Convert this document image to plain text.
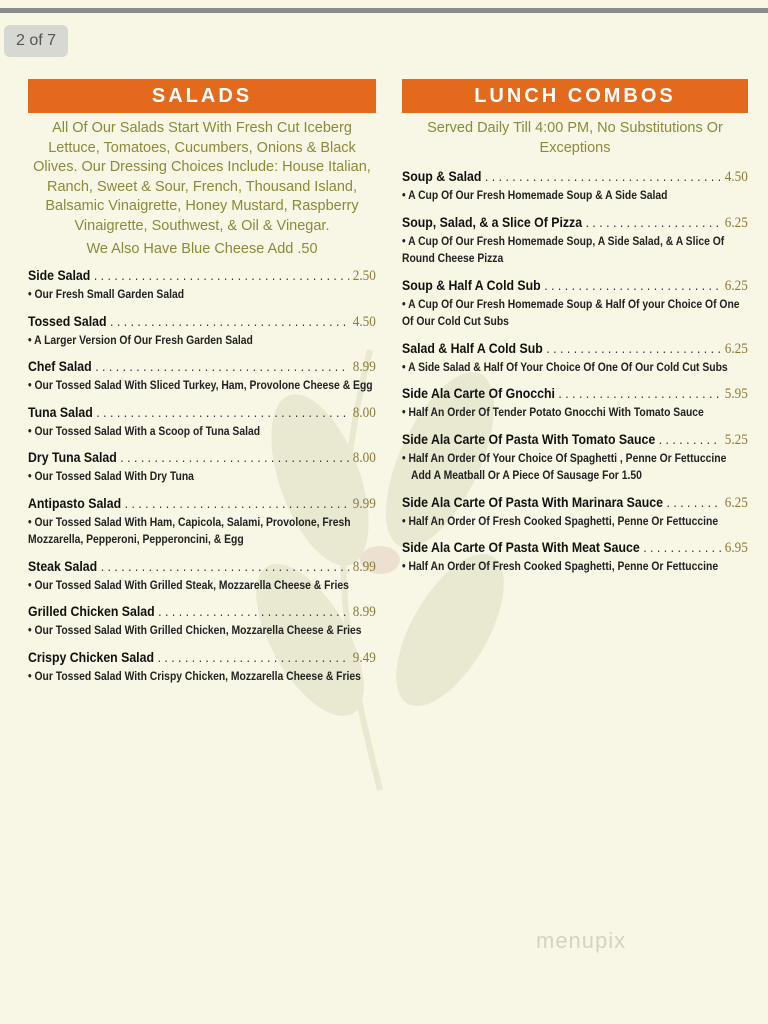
2 of 7
menupix
SALADS
All Of Our Salads Start With Fresh Cut Iceberg Lettuce, Tomatoes, Cucumbers, Onions & Black Olives. Our Dressing Choices Include: House Italian, Ranch, Sweet & Sour, French, Thousand Island, Balsamic Vinaigrette, Honey Mustard, Raspberry Vinaigrette, Southwest, & Oil & Vinegar.
We Also Have Blue Cheese Add .50
Side Salad . . .	2.50
• Our Fresh Small Garden Salad
Tossed Salad . . .	4.50
• A Larger Version Of Our Fresh Garden Salad
Chef Salad . . .	8.99
• Our Tossed Salad With Sliced Turkey, Ham, Provolone Cheese & Egg
Tuna Salad . . .	8.00
• Our Tossed Salad With a Scoop of Tuna Salad
Dry Tuna Salad . . .	8.00
• Our Tossed Salad With Dry Tuna
Antipasto Salad . . .	9.99
• Our Tossed Salad With Ham, Capicola, Salami, Provolone, Fresh Mozzarella, Pepperoni, Pepperoncini, & Egg
Steak Salad . . .	8.99
• Our Tossed Salad With Grilled Steak, Mozzarella Cheese & Fries
Grilled Chicken Salad . . .	8.99
• Our Tossed Salad With Grilled Chicken, Mozzarella Cheese & Fries
Crispy Chicken Salad . . .	9.49
• Our Tossed Salad With Crispy Chicken, Mozzarella Cheese & Fries
LUNCH COMBOS
Served Daily Till 4:00 PM, No Substitutions Or Exceptions
Soup & Salad . . .	4.50
• A Cup Of Our Fresh Homemade Soup & A Side Salad
Soup, Salad, & a Slice Of Pizza . . .	6.25
• A Cup Of Our Fresh Homemade Soup, A Side Salad, & A Slice Of Round Cheese Pizza
Soup & Half A Cold Sub . . .	6.25
• A Cup Of Our Fresh Homemade Soup & Half Of your Choice Of One Of Our Cold Cut Subs
Salad & Half A Cold Sub . . .	6.25
• A Side Salad & Half Of Your Choice Of One Of Our Cold Cut Subs
Side Ala Carte Of Gnocchi . . .	5.95
• Half An Order Of Tender Potato Gnocchi With Tomato Sauce
Side Ala Carte Of Pasta With Tomato Sauce . . .	5.25
• Half An Order Of Your Choice Of Spaghetti , Penne Or Fettuccine
Add A Meatball Or A Piece Of Sausage For 1.50
Side Ala Carte Of Pasta With Marinara Sauce . . .	6.25
• Half An Order Of Fresh Cooked Spaghetti, Penne Or Fettuccine
Side Ala Carte Of Pasta With Meat Sauce . . .	6.95
• Half An Order Of Fresh Cooked Spaghetti, Penne Or Fettuccine
